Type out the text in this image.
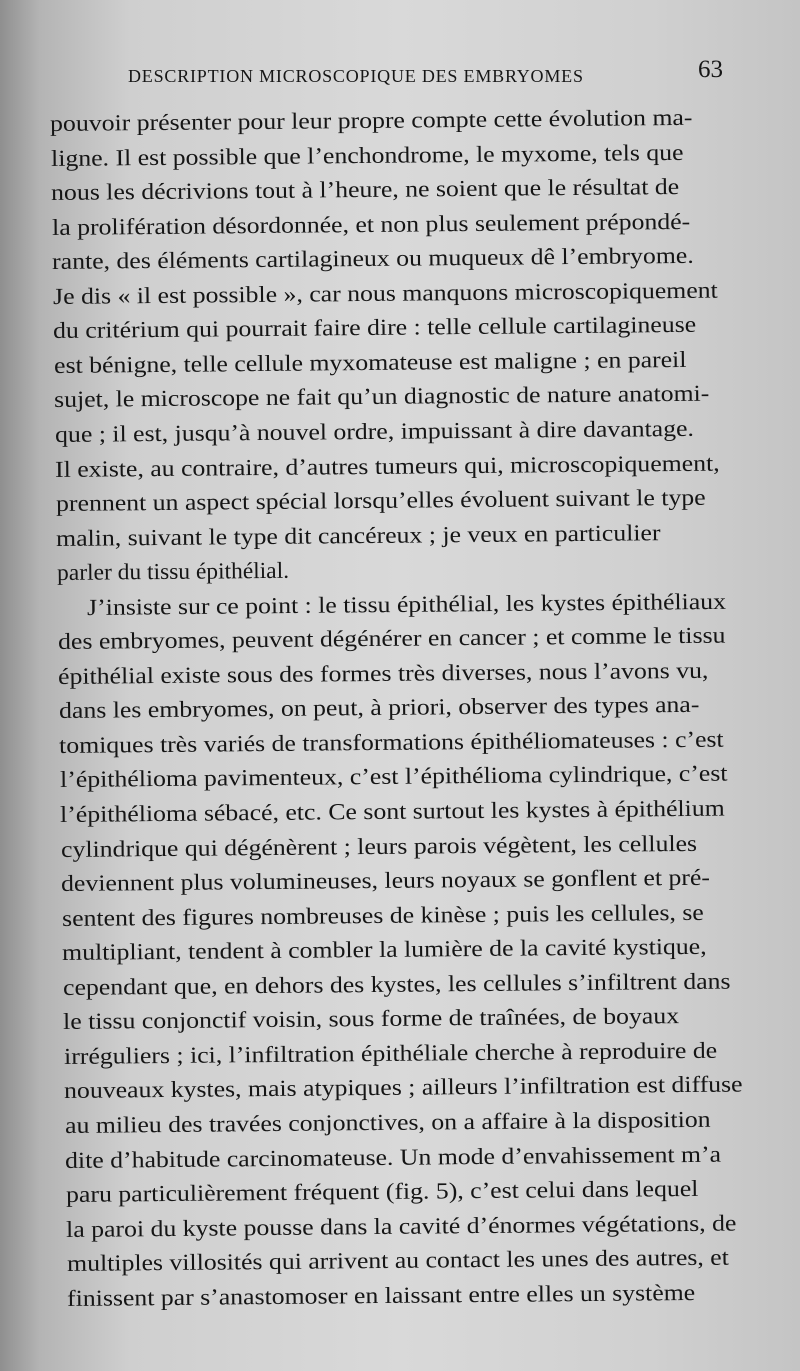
DESCRIPTION MICROSCOPIQUE DES EMBRYOMES	63
pouvoir présenter pour leur propre compte cette évolution ma-
ligne. Il est possible que l’enchondrome, le myxome, tels que
nous les décrivions tout à l’heure, ne soient que le résultat de
la prolifération désordonnée, et non plus seulement prépondé-
rante, des éléments cartilagineux ou muqueux dê l’embryome.
Je dis « il est possible », car nous manquons microscopiquement
du critérium qui pourrait faire dire : telle cellule cartilagineuse
est bénigne, telle cellule myxomateuse est maligne ; en pareil
sujet, le microscope ne fait qu’un diagnostic de nature anatomi-
que ; il est, jusqu’à nouvel ordre, impuissant à dire davantage.
Il existe, au contraire, d’autres tumeurs qui, microscopiquement,
prennent un aspect spécial lorsqu’elles évoluent suivant le type
malin, suivant le type dit cancéreux ; je veux en particulier
parler du tissu épithélial.
J’insiste sur ce point : le tissu épithélial, les kystes épithéliaux
des embryomes, peuvent dégénérer en cancer ; et comme le tissu
épithélial existe sous des formes très diverses, nous l’avons vu,
dans les embryomes, on peut, à priori, observer des types ana-
tomiques très variés de transformations épithéliomateuses : c’est
l’épithélioma pavimenteux, c’est l’épithélioma cylindrique, c’est
l’épithélioma sébacé, etc. Ce sont surtout les kystes à épithélium
cylindrique qui dégénèrent ; leurs parois végètent, les cellules
deviennent plus volumineuses, leurs noyaux se gonflent et pré-
sentent des figures nombreuses de kinèse ; puis les cellules, se
multipliant, tendent à combler la lumière de la cavité kystique,
cependant que, en dehors des kystes, les cellules s’infiltrent dans
le tissu conjonctif voisin, sous forme de traînées, de boyaux
irréguliers ; ici, l’infiltration épithéliale cherche à reproduire de
nouveaux kystes, mais atypiques ; ailleurs l’infiltration est diffuse
au milieu des travées conjonctives, on a affaire à la disposition
dite d’habitude carcinomateuse. Un mode d’envahissement m’a
paru particulièrement fréquent (fig. 5), c’est celui dans lequel
la paroi du kyste pousse dans la cavité d’énormes végétations, de
multiples villosités qui arrivent au contact les unes des autres, et
finissent par s’anastomoser en laissant entre elles un système
